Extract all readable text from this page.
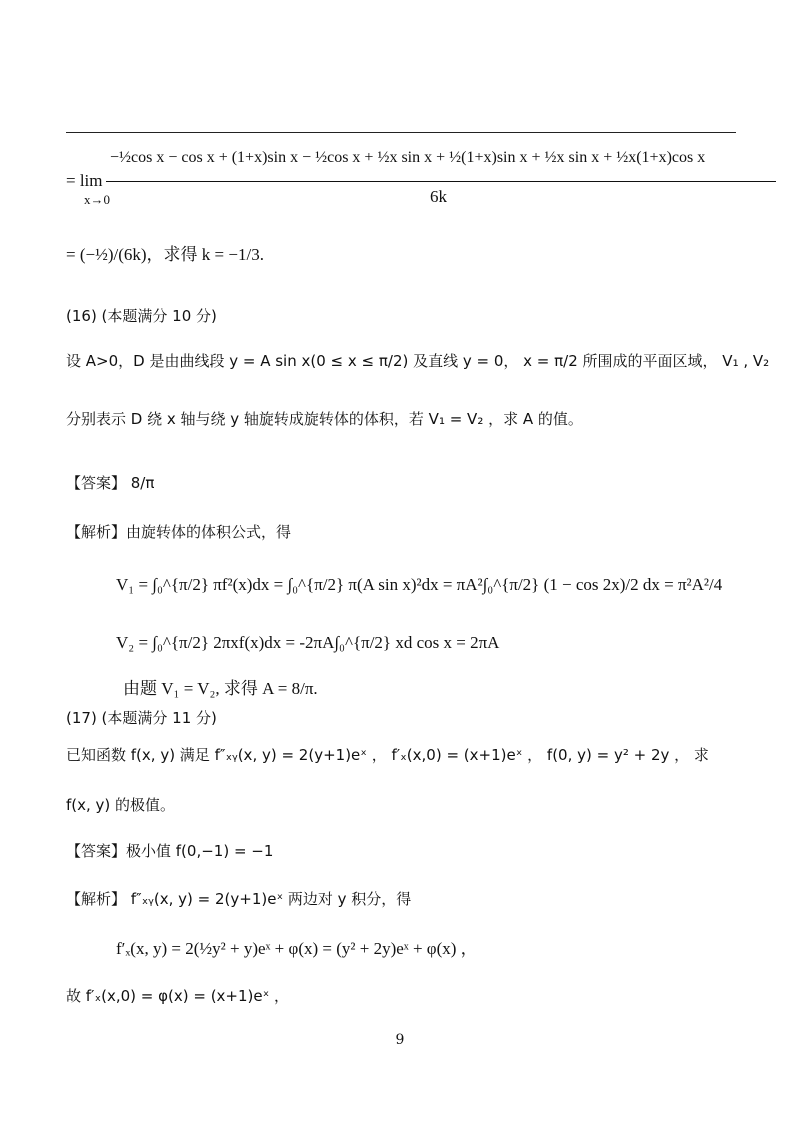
−½cos x − cos x + (1+x)sin x − ½cos x + ½x sin x + ½(1+x)sin x + ½x sin x + ½x(1+x)cos x
= lim
x→0	6k
= (−½)/(6k)，求得 k = −1/3.
(16) (本题满分 10 分)
设 A>0，D 是由曲线段 y = A sin x(0 ≤ x ≤ π/2) 及直线 y = 0， x = π/2 所围成的平面区域， V₁ , V₂
分别表示 D 绕 x 轴与绕 y 轴旋转成旋转体的体积，若 V₁ = V₂ ，求 A 的值。
【答案】 8/π
【解析】由旋转体的体积公式，得
V₁ = ∫₀^{π/2} πf²(x)dx = ∫₀^{π/2} π(A sin x)²dx = πA²∫₀^{π/2} (1 − cos 2x)/2 dx = π²A²/4
V₂ = ∫₀^{π/2} 2πxf(x)dx = -2πA∫₀^{π/2} xd cos x = 2πA
由题 V₁ = V₂, 求得 A = 8/π.
(17) (本题满分 11 分)
已知函数 f(x, y) 满足 f″ₓᵧ(x, y) = 2(y+1)eˣ ， f′ₓ(x,0) = (x+1)eˣ ， f(0, y) = y² + 2y ， 求
f(x, y) 的极值。
【答案】极小值 f(0,−1) = −1
【解析】 f″ₓᵧ(x, y) = 2(y+1)eˣ 两边对 y 积分，得
f′ₓ(x, y) = 2(½y² + y)eˣ + φ(x) = (y² + 2y)eˣ + φ(x) ，
故 f′ₓ(x,0) = φ(x) = (x+1)eˣ ，
9
